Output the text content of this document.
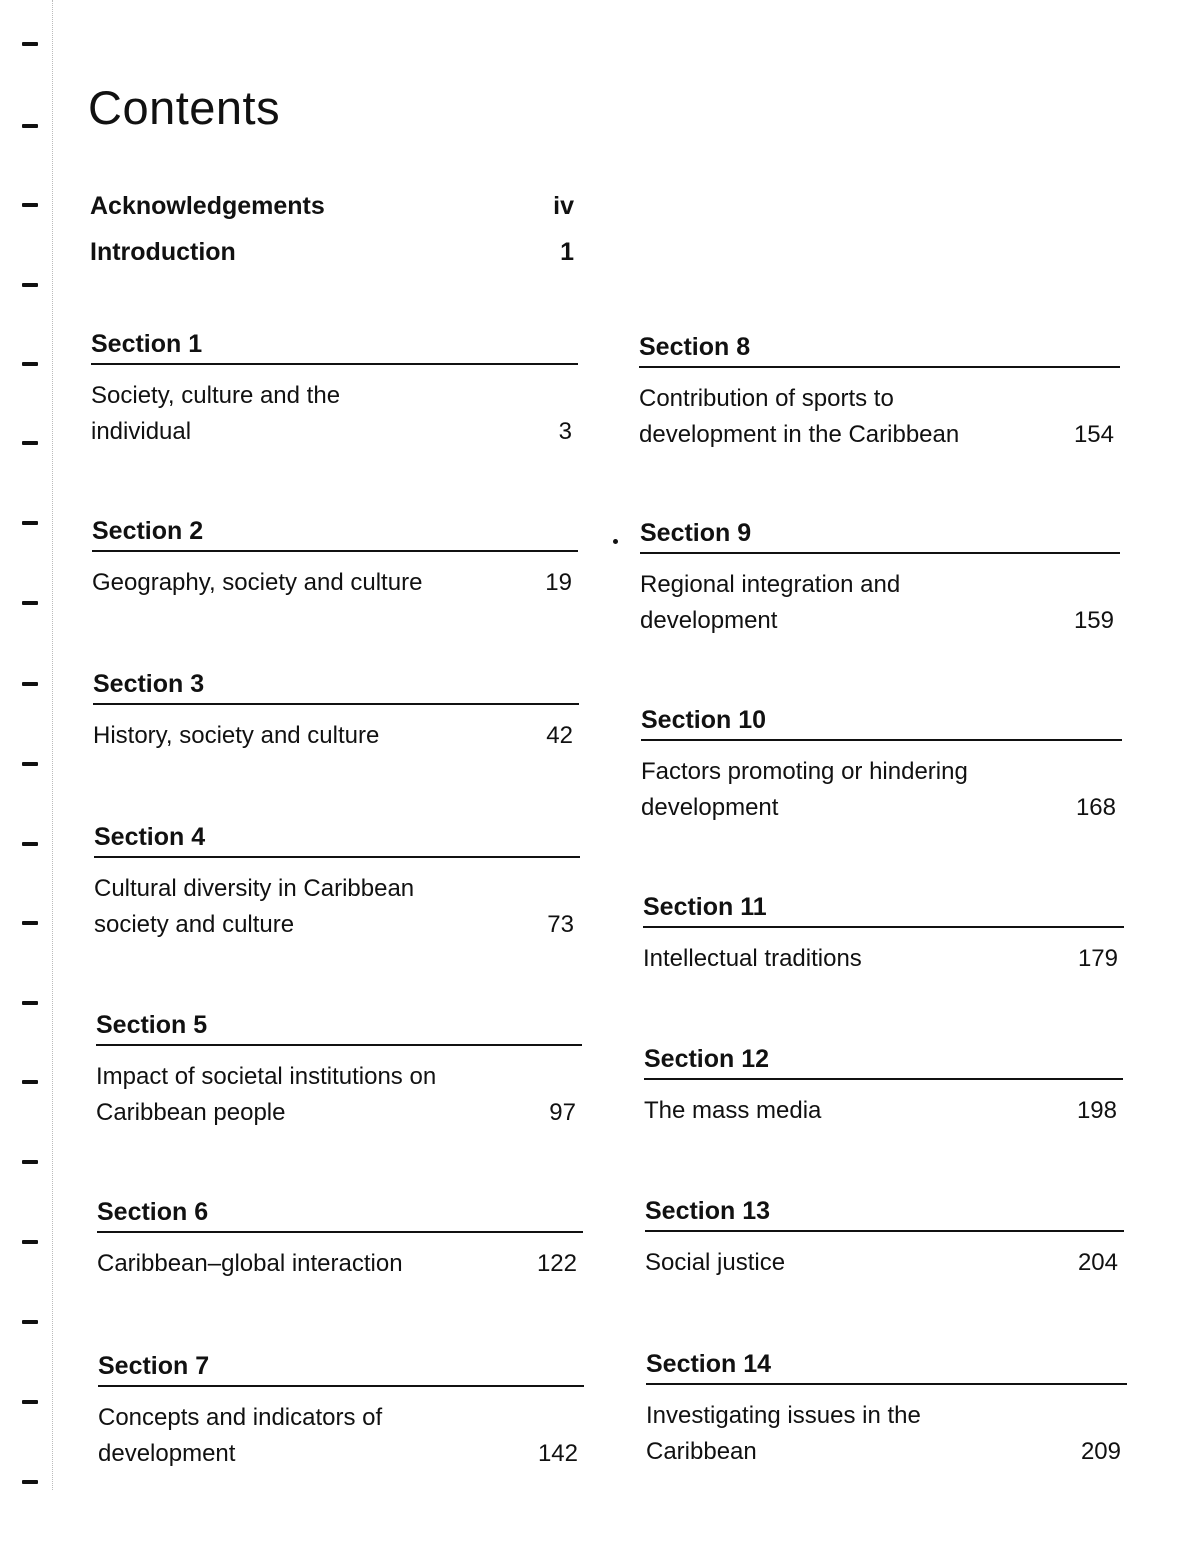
Contents
Acknowledgements	iv
Introduction	1
Section 1
Society, culture and the individual	3
Section 2
Geography, society and culture	19
Section 3
History, society and culture	42
Section 4
Cultural diversity in Caribbean society and culture	73
Section 5
Impact of societal institutions on Caribbean people	97
Section 6
Caribbean–global interaction	122
Section 7
Concepts and indicators of development	142
Section 8
Contribution of sports to development in the Caribbean	154
Section 9
Regional integration and development	159
Section 10
Factors promoting or hindering development	168
Section 11
Intellectual traditions	179
Section 12
The mass media	198
Section 13
Social justice	204
Section 14
Investigating issues in the Caribbean	209
